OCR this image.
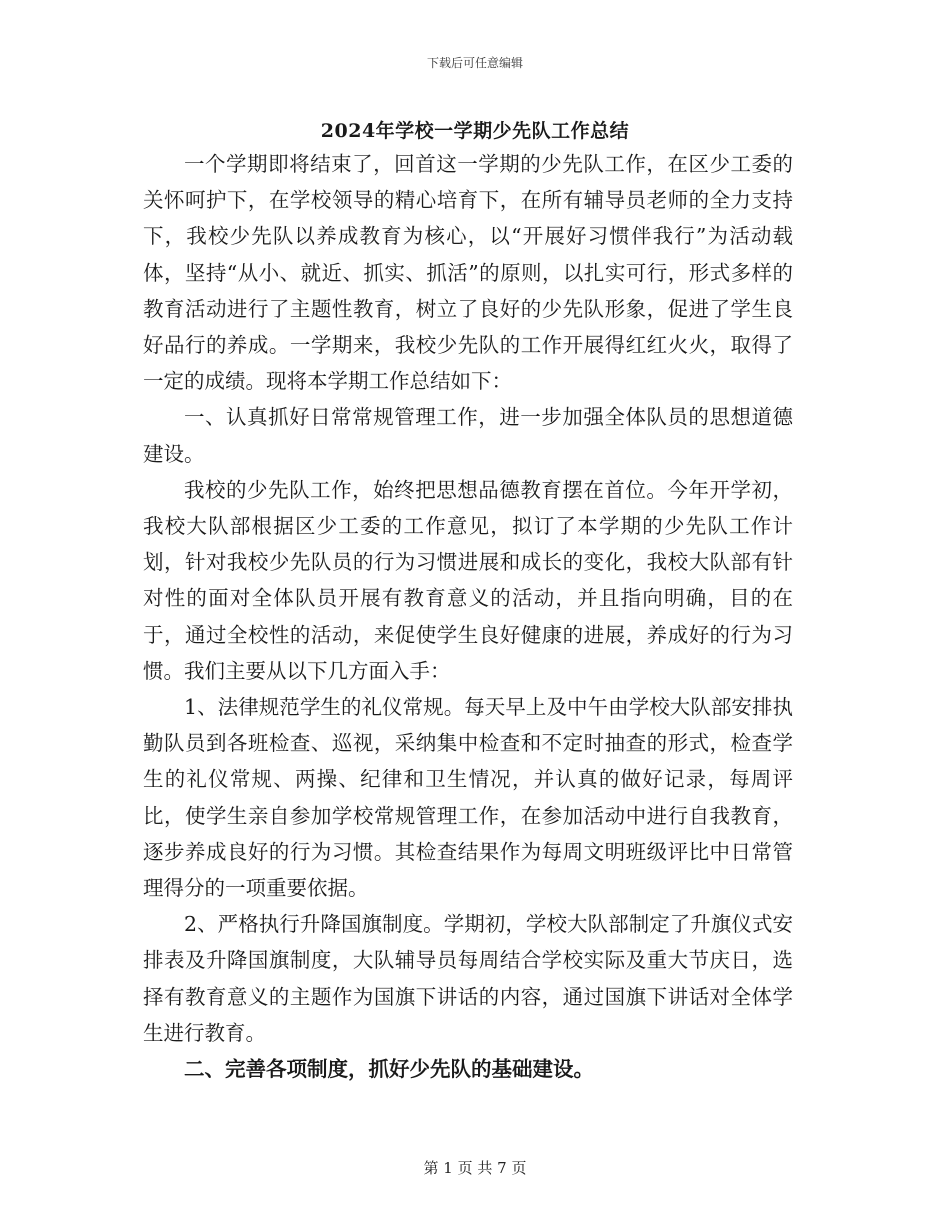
下载后可任意编辑
2024年学校一学期少先队工作总结

一个学期即将结束了，回首这一学期的少先队工作，在区少工委的关怀呵护下，在学校领导的精心培育下，在所有辅导员老师的全力支持下，我校少先队以养成教育为核心，以“开展好习惯伴我行”为活动载体，坚持“从小、就近、抓实、抓活”的原则，以扎实可行，形式多样的教育活动进行了主题性教育，树立了良好的少先队形象，促进了学生良好品行的养成。一学期来，我校少先队的工作开展得红红火火，取得了一定的成绩。现将本学期工作总结如下：

一、认真抓好日常常规管理工作，进一步加强全体队员的思想道德建设。

我校的少先队工作，始终把思想品德教育摆在首位。今年开学初，我校大队部根据区少工委的工作意见，拟订了本学期的少先队工作计划，针对我校少先队员的行为习惯进展和成长的变化，我校大队部有针对性的面对全体队员开展有教育意义的活动，并且指向明确，目的在于，通过全校性的活动，来促使学生良好健康的进展，养成好的行为习惯。我们主要从以下几方面入手：

1、法律规范学生的礼仪常规。每天早上及中午由学校大队部安排执勤队员到各班检查、巡视，采纳集中检查和不定时抽查的形式，检查学生的礼仪常规、两操、纪律和卫生情况，并认真的做好记录，每周评比，使学生亲自参加学校常规管理工作，在参加活动中进行自我教育，逐步养成良好的行为习惯。其检查结果作为每周文明班级评比中日常管理得分的一项重要依据。

2、严格执行升降国旗制度。学期初，学校大队部制定了升旗仪式安排表及升降国旗制度，大队辅导员每周结合学校实际及重大节庆日，选择有教育意义的主题作为国旗下讲话的内容，通过国旗下讲话对全体学生进行教育。

二、完善各项制度，抓好少先队的基础建设。

第 1 页 共 7 页
